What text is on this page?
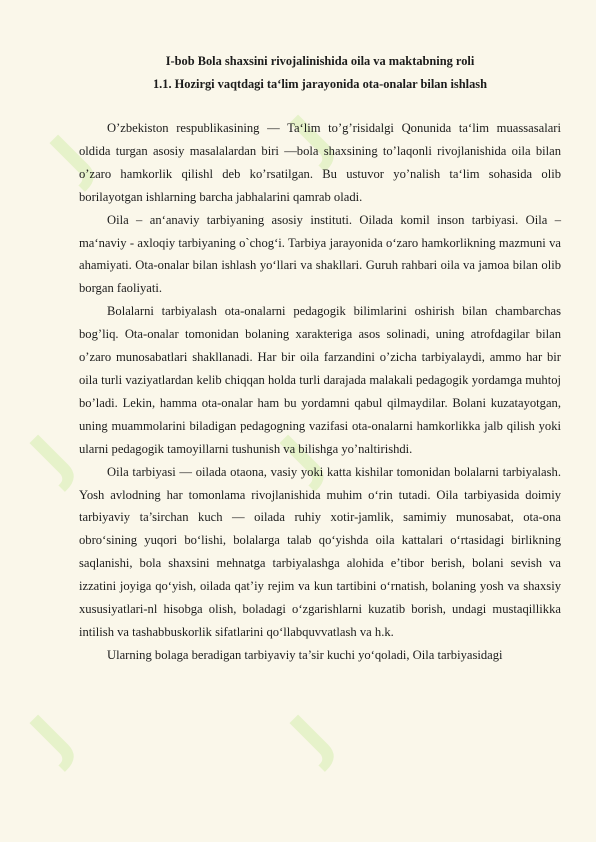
J	J
J	J
J	J

I-bob Bola shaxsini rivojalinishida oila va maktabning roli

1.1. Hozirgi vaqtdagi ta‘lim jarayonida ota-onalar bilan ishlash

O’zbekiston respublikasining — Ta‘lim to’g’risidalgi Qonunida ta‘lim muassasalari oldida turgan asosiy masalalardan biri —bola shaxsining to’laqonli rivojlanishida oila bilan o’zaro hamkorlik qilishl deb ko’rsatilgan. Bu ustuvor yo’nalish ta‘lim sohasida olib borilayotgan ishlarning barcha jabhalarini qamrab oladi.

Oila – an‘anaviy tarbiyaning asosiy instituti. Oilada komil inson tarbiyasi. Oila – ma‘naviy - axloqiy tarbiyaning o`chog‘i. Tarbiya jarayonida o‘zaro hamkorlikning mazmuni va ahamiyati. Ota-onalar bilan ishlash yo‘llari va shakllari. Guruh rahbari oila va jamoa bilan olib borgan faoliyati.

Bolalarni tarbiyalash ota-onalarni pedagogik bilimlarini oshirish bilan chambarchas bog’liq. Ota-onalar tomonidan bolaning xarakteriga asos solinadi, uning atrofdagilar bilan o’zaro munosabatlari shakllanadi. Har bir oila farzandini o’zicha tarbiyalaydi, ammo har bir oila turli vaziyatlardan kelib chiqqan holda turli darajada malakali pedagogik yordamga muhtoj bo’ladi. Lekin, hamma ota-onalar ham bu yordamni qabul qilmaydilar. Bolani kuzatayotgan, uning muammolarini biladigan pedagogning vazifasi ota-onalarni hamkorlikka jalb qilish yoki ularni pedagogik tamoyillarni tushunish va bilishga yo’naltirishdi.

Oila tarbiyasi — oilada otaona, vasiy yoki katta kishilar tomonidan bolalarni tarbiyalash. Yosh avlodning har tomonlama rivojlanishida muhim o‘rin tutadi. Oila tarbiyasida doimiy tarbiyaviy ta’sirchan kuch — oilada ruhiy xotir-jamlik, samimiy munosabat, ota-ona obro‘sining yuqori bo‘lishi, bolalarga talab qo‘yishda oila kattalari o‘rtasidagi birlikning saqlanishi, bola shaxsini mehnatga tarbiyalashga alohida e’tibor berish, bolani sevish va izzatini joyiga qo‘yish, oilada qat’iy rejim va kun tartibini o‘rnatish, bolaning yosh va shaxsiy xususiyatlari-nl hisobga olish, boladagi o‘zgarishlarni kuzatib borish, undagi mustaqillikka intilish va tashabbuskorlik sifatlarini qo‘llabquvvatlash va h.k.

Ularning bolaga beradigan tarbiyaviy ta’sir kuchi yo‘qoladi, Oila tarbiyasidagi
